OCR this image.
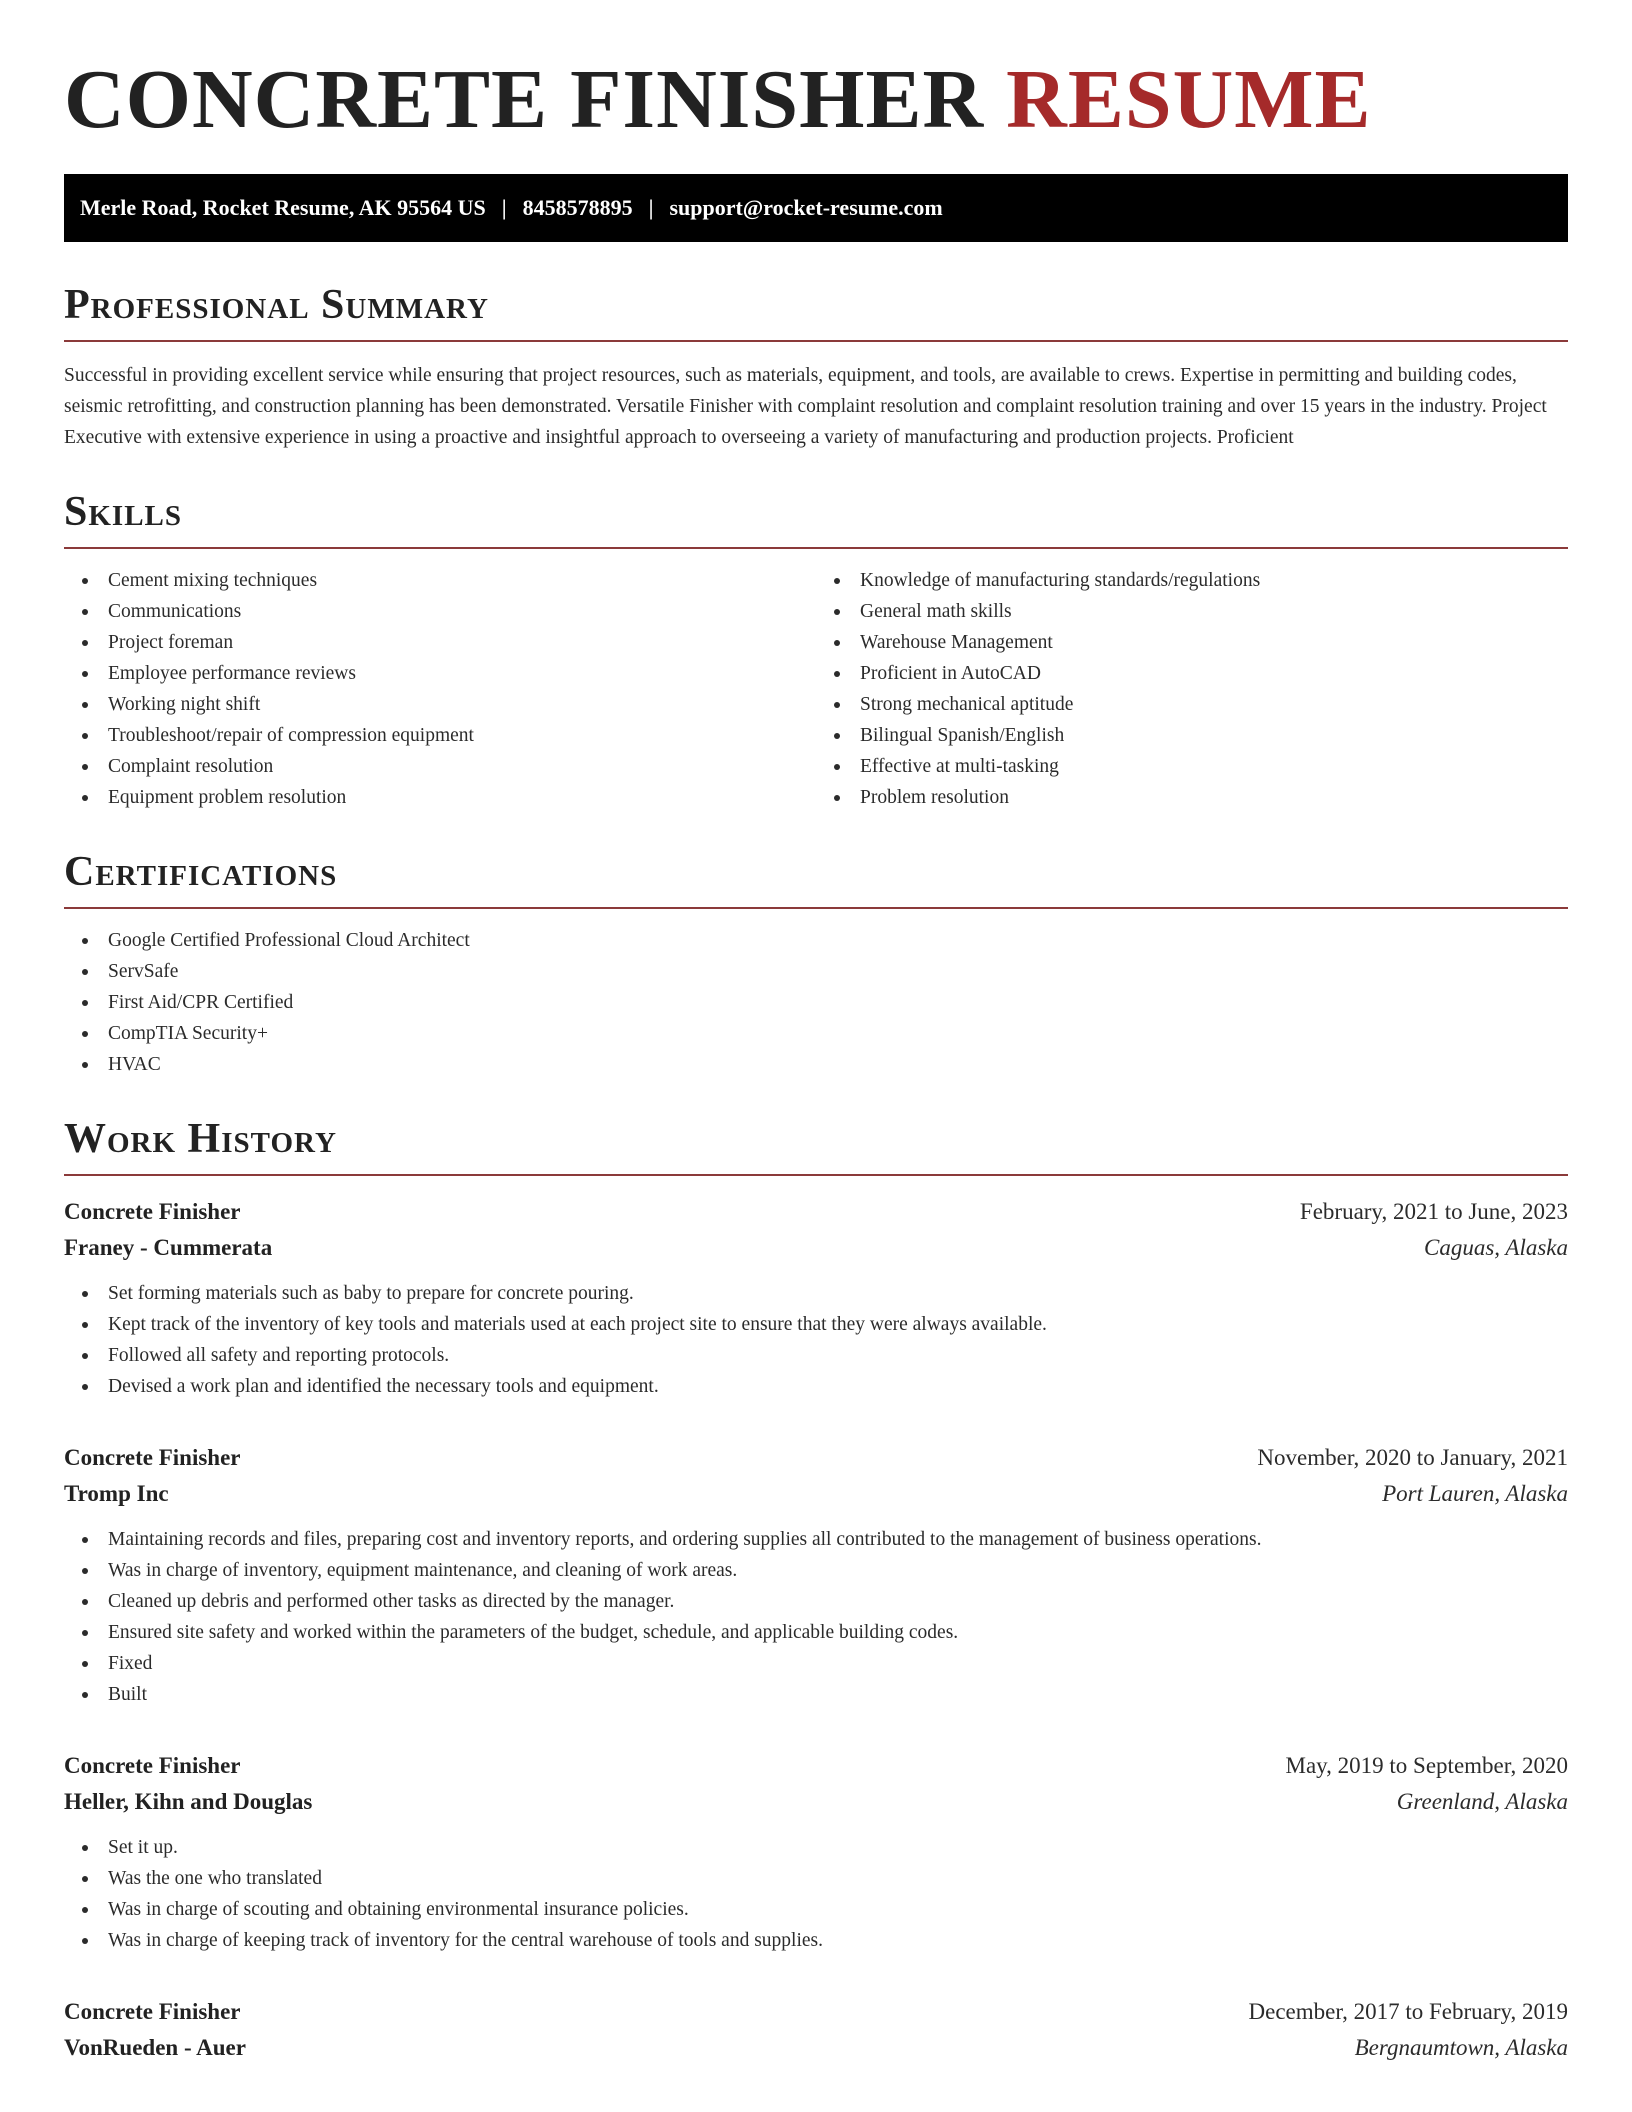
CONCRETE FINISHER RESUME
Merle Road, Rocket Resume, AK 95564 US | 8458578895 | support@rocket-resume.com
Professional Summary

Successful in providing excellent service while ensuring that project resources, such as materials, equipment, and tools, are available to crews. Expertise in permitting and building codes, seismic retrofitting, and construction planning has been demonstrated. Versatile Finisher with complaint resolution and complaint resolution training and over 15 years in the industry. Project Executive with extensive experience in using a proactive and insightful approach to overseeing a variety of manufacturing and production projects. Proficient

Skills
Cement mixing techniques
Communications
Project foreman
Employee performance reviews
Working night shift
Troubleshoot/repair of compression equipment
Complaint resolution
Equipment problem resolution
Knowledge of manufacturing standards/regulations
General math skills
Warehouse Management
Proficient in AutoCAD
Strong mechanical aptitude
Bilingual Spanish/English
Effective at multi-tasking
Problem resolution
Certifications
Google Certified Professional Cloud Architect
ServSafe
First Aid/CPR Certified
CompTIA Security+
HVAC
Work History
Concrete Finisher	February, 2021 to June, 2023
Franey - Cummerata	Caguas, Alaska
Set forming materials such as baby to prepare for concrete pouring.
Kept track of the inventory of key tools and materials used at each project site to ensure that they were always available.
Followed all safety and reporting protocols.
Devised a work plan and identified the necessary tools and equipment.
Concrete Finisher	November, 2020 to January, 2021
Tromp Inc	Port Lauren, Alaska
Maintaining records and files, preparing cost and inventory reports, and ordering supplies all contributed to the management of business operations.
Was in charge of inventory, equipment maintenance, and cleaning of work areas.
Cleaned up debris and performed other tasks as directed by the manager.
Ensured site safety and worked within the parameters of the budget, schedule, and applicable building codes.
Fixed
Built
Concrete Finisher	May, 2019 to September, 2020
Heller, Kihn and Douglas	Greenland, Alaska
Set it up.
Was the one who translated
Was in charge of scouting and obtaining environmental insurance policies.
Was in charge of keeping track of inventory for the central warehouse of tools and supplies.
Concrete Finisher	December, 2017 to February, 2019
VonRueden - Auer	Bergnaumtown, Alaska
